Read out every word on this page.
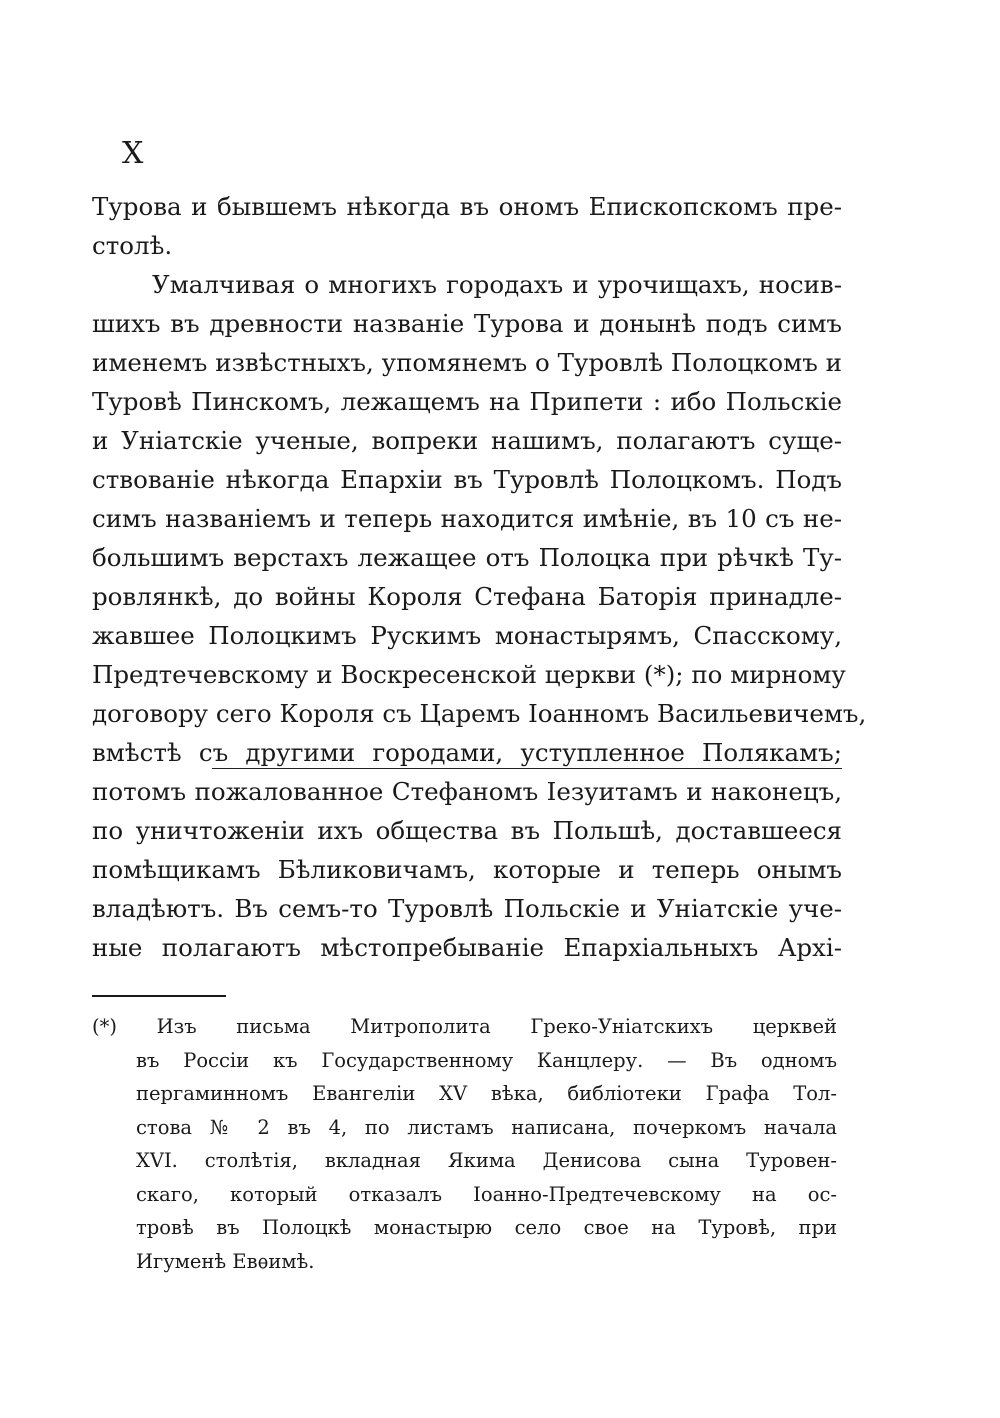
X
Турова и бывшемъ нѣкогда въ ономъ Епископскомъ пре-
столѣ.
Умалчивая о многихъ городахъ и урочищахъ, носив-
шихъ въ древности названіе Турова и донынѣ подъ симъ
именемъ извѣстныхъ, упомянемъ о Туровлѣ Полоцкомъ и
Туровѣ Пинскомъ, лежащемъ на Припети : ибо Польскіе
и Уніатскіе ученые, вопреки нашимъ, полагаютъ суще-
ствованіе нѣкогда Епархіи въ Туровлѣ Полоцкомъ. Подъ
симъ названіемъ и теперь находится имѣніе, въ 10 съ не-
большимъ верстахъ лежащее отъ Полоцка при рѣчкѣ Ту-
ровлянкѣ, до войны Короля Стефана Баторія принадле-
жавшее Полоцкимъ Рускимъ монастырямъ, Спасскому,
Предтечевскому и Воскресенской церкви (*); по мирному
договору сего Короля съ Царемъ Іоанномъ Васильевичемъ,
вмѣстѣ съ другими городами, уступленное Полякамъ;
потомъ пожалованное Стефаномъ Іезуитамъ и наконецъ,
по уничтоженіи ихъ общества въ Польшѣ, доставшееся
помѣщикамъ Бѣликовичамъ, которые и теперь онымъ
владѣютъ. Въ семъ-то Туровлѣ Польскіе и Уніатскіе уче-
ные полагаютъ мѣстопребываніе Епархіальныхъ Архі-
(*) Изъ письма Митрополита Греко-Уніатскихъ церквей
въ Россіи къ Государственному Канцлеру. — Въ одномъ
пергаминномъ Евангеліи XV вѣка, библіотеки Графа Тол-
стова № 2 въ 4, по листамъ написана, почеркомъ начала
XVI. столѣтія, вкладная Якима Денисова сына Туровен-
скаго, который отказалъ Іоанно-Предтечевскому на ос-
тровѣ въ Полоцкѣ монастырю село свое на Туровѣ, при
Игуменѣ Евѳимѣ.
